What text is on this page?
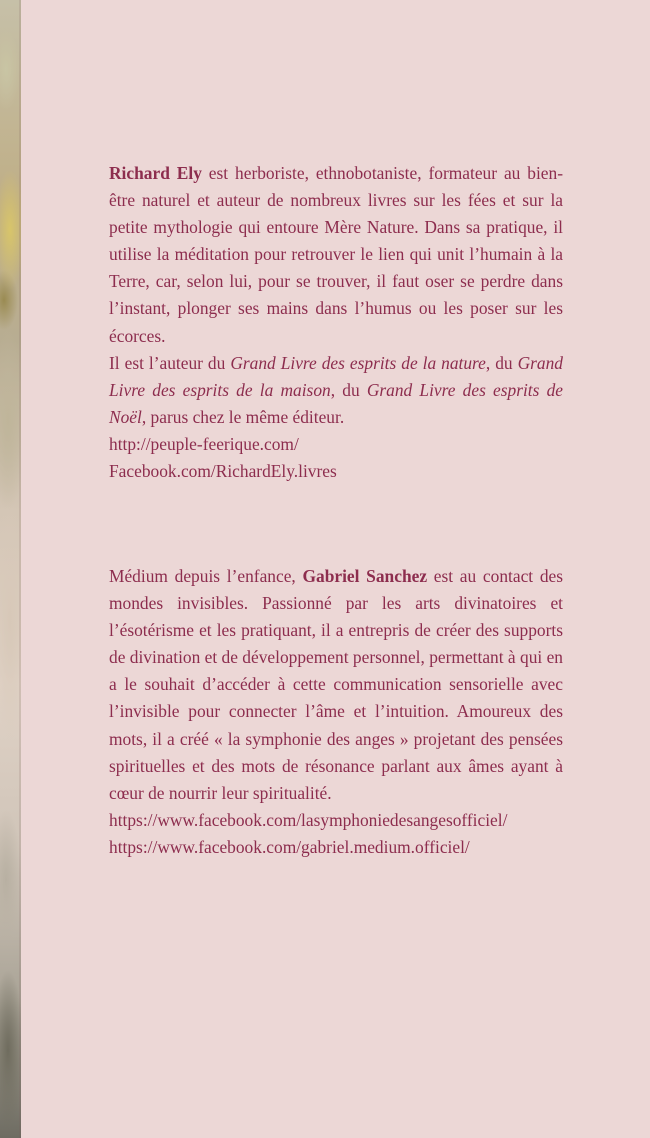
Richard Ely est herboriste, ethnobotaniste, formateur au bien-être naturel et auteur de nombreux livres sur les fées et sur la petite mythologie qui entoure Mère Nature. Dans sa pratique, il utilise la méditation pour retrouver le lien qui unit l’humain à la Terre, car, selon lui, pour se trouver, il faut oser se perdre dans l’instant, plonger ses mains dans l’humus ou les poser sur les écorces.

Il est l’auteur du Grand Livre des esprits de la nature, du Grand Livre des esprits de la maison, du Grand Livre des esprits de Noël, parus chez le même éditeur.

http://peuple-feerique.com/
Facebook.com/RichardEly.livres

Médium depuis l’enfance, Gabriel Sanchez est au contact des mondes invisibles. Passionné par les arts divinatoires et l’ésotérisme et les pratiquant, il a entrepris de créer des supports de divination et de développement personnel, permettant à qui en a le souhait d’accéder à cette communication sensorielle avec l’invisible pour connecter l’âme et l’intuition. Amoureux des mots, il a créé « la symphonie des anges » projetant des pensées spirituelles et des mots de résonance parlant aux âmes ayant à cœur de nourrir leur spiritualité.

https://www.facebook.com/lasymphoniedesangesofficiel/
https://www.facebook.com/gabriel.medium.officiel/
